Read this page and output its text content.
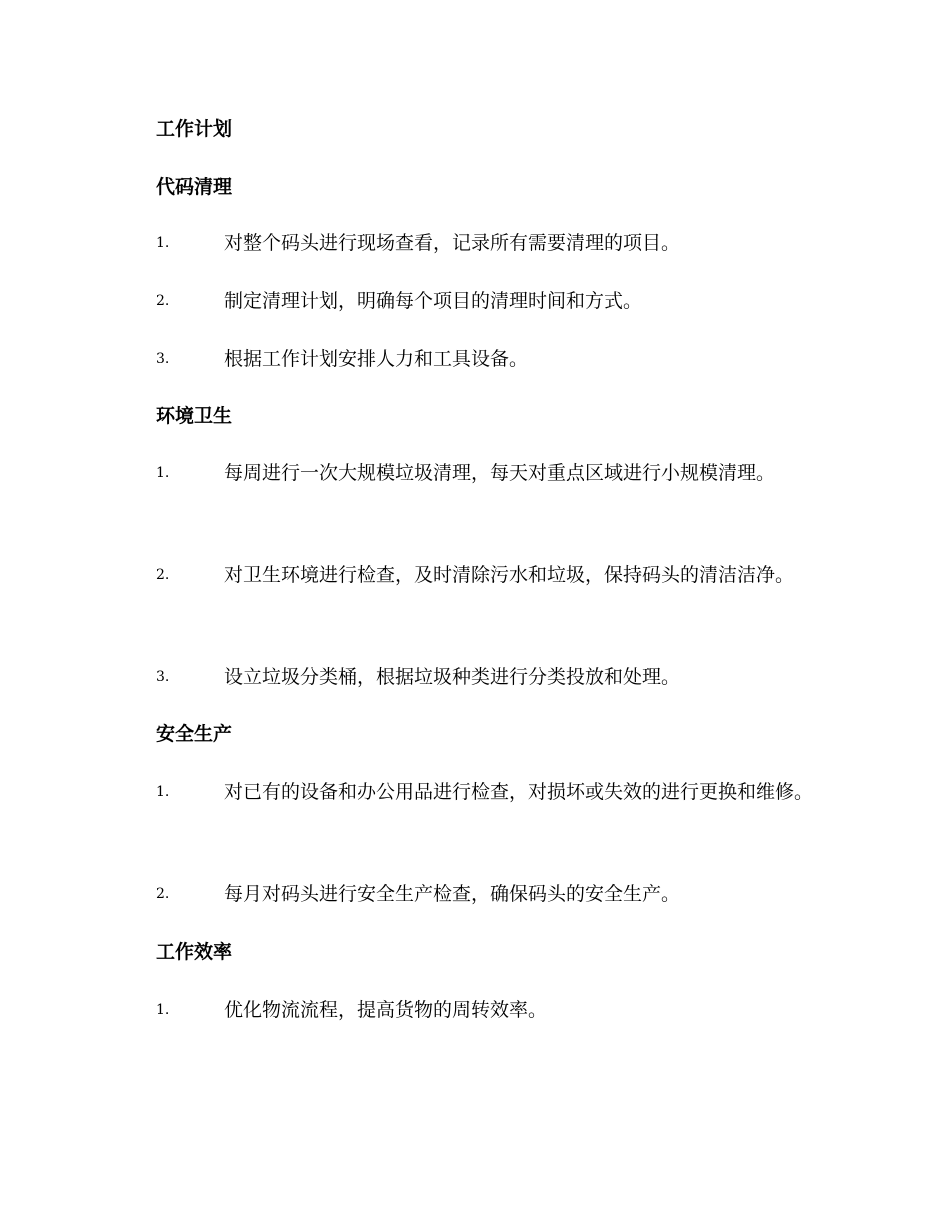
工作计划
代码清理

1.	对整个码头进行现场查看，记录所有需要清理的项目。

2.	制定清理计划，明确每个项目的清理时间和方式。

3.	根据工作计划安排人力和工具设备。

环境卫生

1.	每周进行一次大规模垃圾清理，每天对重点区域进行小规模清理。

2.	对卫生环境进行检查，及时清除污水和垃圾，保持码头的清洁洁净。

3.	设立垃圾分类桶，根据垃圾种类进行分类投放和处理。

安全生产

1.	对已有的设备和办公用品进行检查，对损坏或失效的进行更换和维修。

2.	每月对码头进行安全生产检查，确保码头的安全生产。

工作效率

1.	优化物流流程，提高货物的周转效率。
